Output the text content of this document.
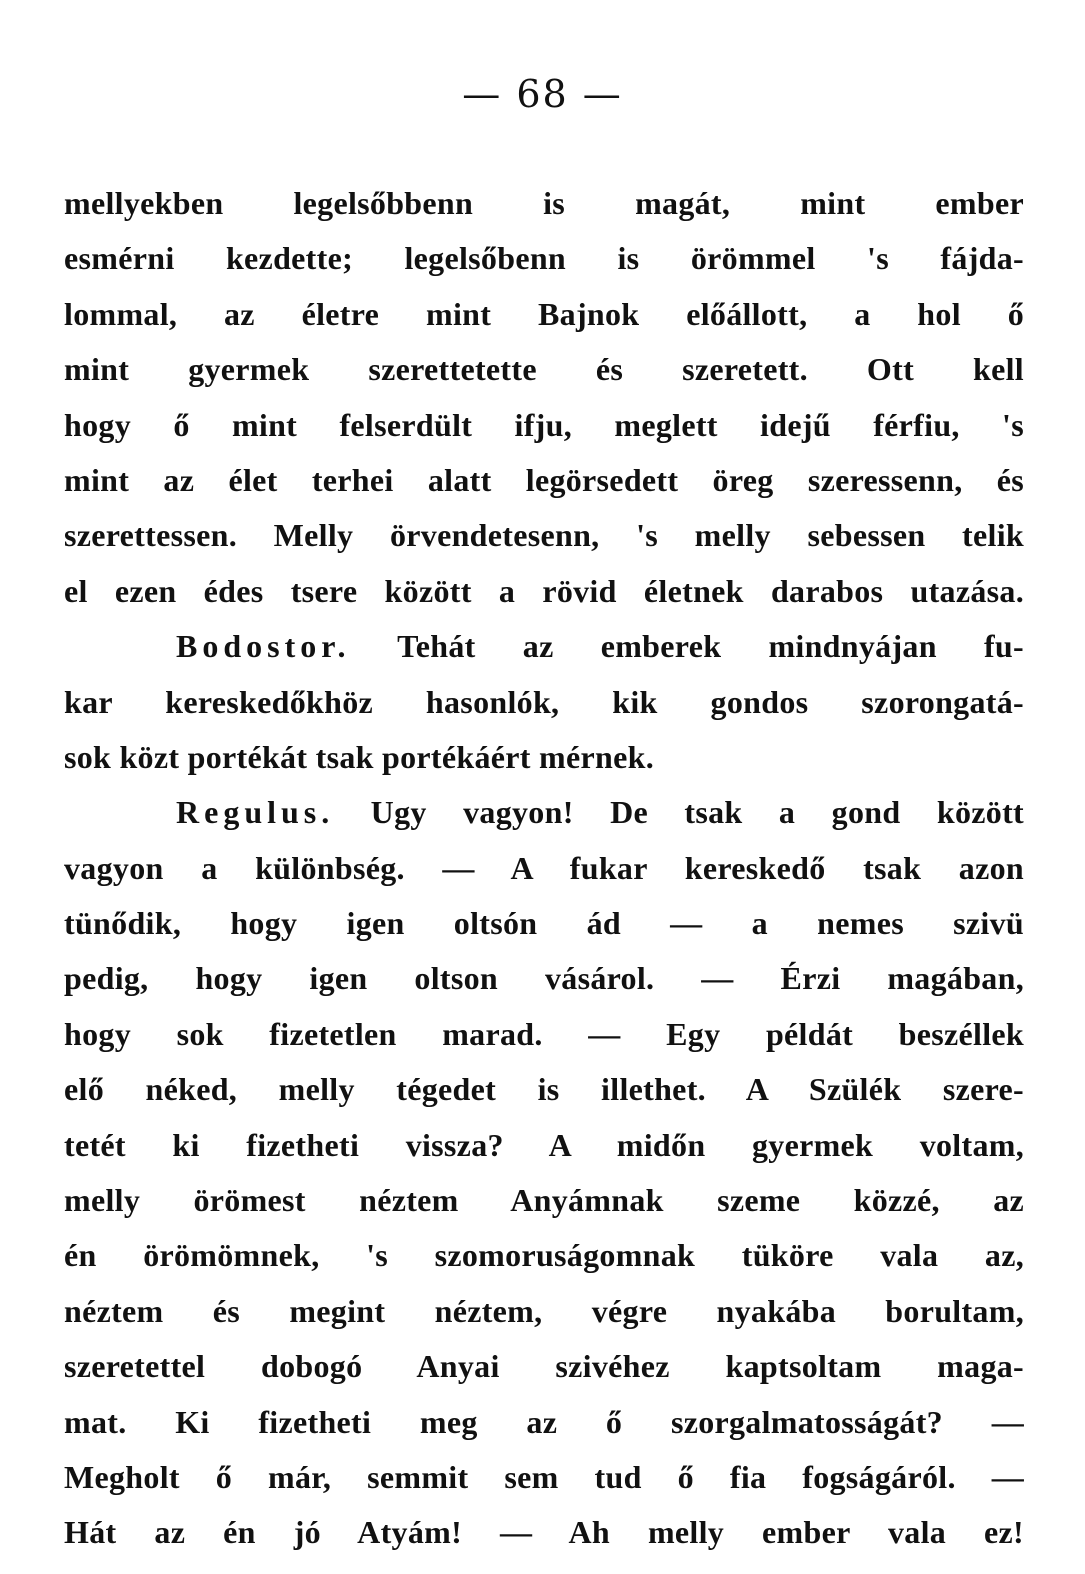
— 68 —
mellyekben legelsőbbenn is magát, mint ember
esmérni kezdette; legelsőbenn is örömmel 's fájda-
lommal, az életre mint Bajnok előállott, a hol ő
mint gyermek szerettetette és szeretett. Ott kell
hogy ő mint felserdült ifju, meglett idejű férfiu, 's
mint az élet terhei alatt legörsedett öreg szeressenn, és
szerettessen. Melly örvendetesenn, 's melly sebessen telik
el ezen édes tsere között a rövid életnek darabos utazása.
Bodostor. Tehát az emberek mindnyájan fu-
kar kereskedőkhöz hasonlók, kik gondos szorongatá-
sok közt portékát tsak portékáért mérnek.
Regulus. Ugy vagyon! De tsak a gond között
vagyon a különbség. — A fukar kereskedő tsak azon
tünődik, hogy igen oltsón ád — a nemes szivü
pedig, hogy igen oltson vásárol. — Érzi magában,
hogy sok fizetetlen marad. — Egy példát beszéllek
elő néked, melly tégedet is illethet. A Szülék szere-
tetét ki fizetheti vissza? A midőn gyermek voltam,
melly örömest néztem Anyámnak szeme közzé, az
én örömömnek, 's szomoruságomnak tüköre vala az,
néztem és megint néztem, végre nyakába borultam,
szeretettel dobogó Anyai szivéhez kaptsoltam maga-
mat. Ki fizetheti meg az ő szorgalmatosságát? —
Megholt ő már, semmit sem tud ő fia fogságáról. —
Hát az én jó Atyám! — Ah melly ember vala ez!
